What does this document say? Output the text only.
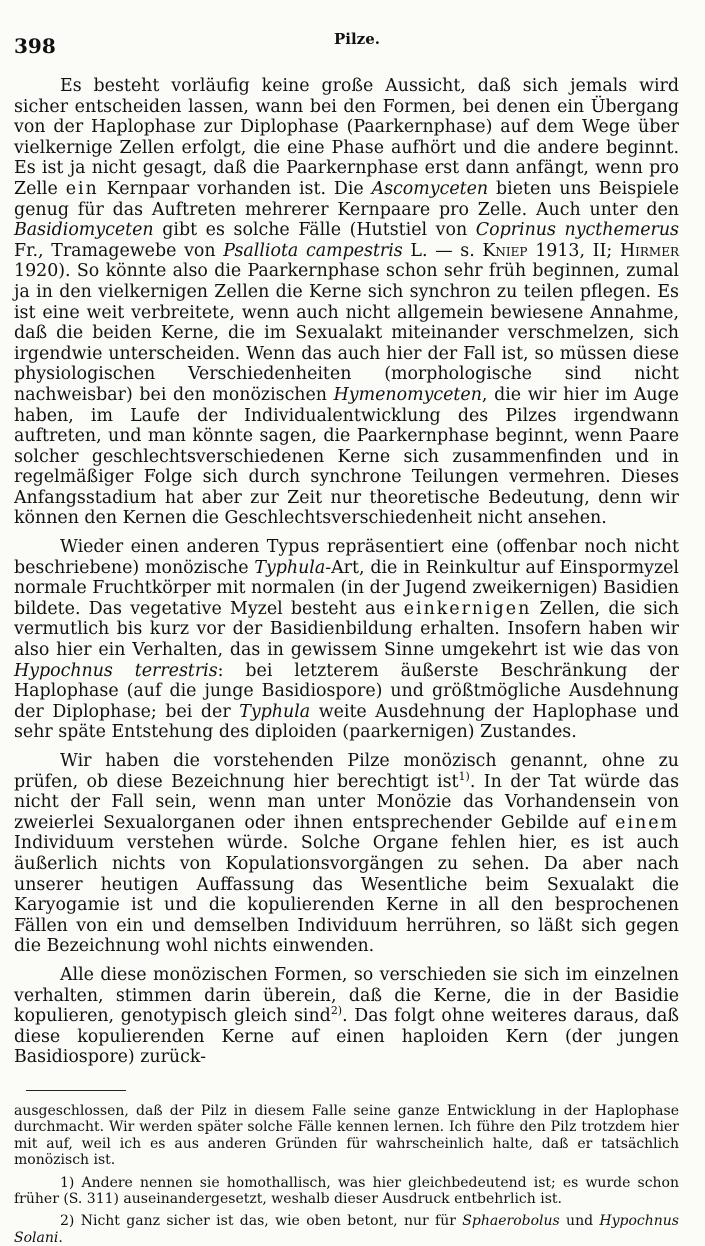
398	Pilze.

Es besteht vorläufig keine große Aussicht, daß sich jemals wird sicher entscheiden lassen, wann bei den Formen, bei denen ein Übergang von der Haplophase zur Diplophase (Paarkernphase) auf dem Wege über vielkernige Zellen erfolgt, die eine Phase aufhört und die andere beginnt. Es ist ja nicht gesagt, daß die Paarkernphase erst dann anfängt, wenn pro Zelle ein Kernpaar vorhanden ist. Die Ascomyceten bieten uns Beispiele genug für das Auftreten mehrerer Kernpaare pro Zelle. Auch unter den Basidiomyceten gibt es solche Fälle (Hutstiel von Coprinus nycthemerus Fr., Tramagewebe von Psalliota campestris L. — s. Kniep 1913, II; Hirmer 1920). So könnte also die Paarkernphase schon sehr früh beginnen, zumal ja in den vielkernigen Zellen die Kerne sich synchron zu teilen pflegen. Es ist eine weit verbreitete, wenn auch nicht allgemein bewiesene Annahme, daß die beiden Kerne, die im Sexualakt miteinander verschmelzen, sich irgendwie unterscheiden. Wenn das auch hier der Fall ist, so müssen diese physiologischen Verschiedenheiten (morphologische sind nicht nachweisbar) bei den monözischen Hymenomyceten, die wir hier im Auge haben, im Laufe der Individualentwicklung des Pilzes irgendwann auftreten, und man könnte sagen, die Paarkernphase beginnt, wenn Paare solcher geschlechtsverschiedenen Kerne sich zusammenfinden und in regelmäßiger Folge sich durch synchrone Teilungen vermehren. Dieses Anfangsstadium hat aber zur Zeit nur theoretische Bedeutung, denn wir können den Kernen die Geschlechtsverschiedenheit nicht ansehen.

Wieder einen anderen Typus repräsentiert eine (offenbar noch nicht beschriebene) monözische Typhula-Art, die in Reinkultur auf Einspormyzel normale Fruchtkörper mit normalen (in der Jugend zweikernigen) Basidien bildete. Das vegetative Myzel besteht aus einkernigen Zellen, die sich vermutlich bis kurz vor der Basidienbildung erhalten. Insofern haben wir also hier ein Verhalten, das in gewissem Sinne umgekehrt ist wie das von Hypochnus terrestris: bei letzterem äußerste Beschränkung der Haplophase (auf die junge Basidiospore) und größtmögliche Ausdehnung der Diplophase; bei der Typhula weite Ausdehnung der Haplophase und sehr späte Entstehung des diploiden (paarkernigen) Zustandes.

Wir haben die vorstehenden Pilze monözisch genannt, ohne zu prüfen, ob diese Bezeichnung hier berechtigt ist$^{1)}$. In der Tat würde das nicht der Fall sein, wenn man unter Monözie das Vorhandensein von zweierlei Sexualorganen oder ihnen entsprechender Gebilde auf einem Individuum verstehen würde. Solche Organe fehlen hier, es ist auch äußerlich nichts von Kopulationsvorgängen zu sehen. Da aber nach unserer heutigen Auffassung das Wesentliche beim Sexualakt die Karyogamie ist und die kopulierenden Kerne in all den besprochenen Fällen von ein und demselben Individuum herrühren, so läßt sich gegen die Bezeichnung wohl nichts einwenden.

Alle diese monözischen Formen, so verschieden sie sich im einzelnen verhalten, stimmen darin überein, daß die Kerne, die in der Basidie kopulieren, genotypisch gleich sind$^{2)}$. Das folgt ohne weiteres daraus, daß diese kopulierenden Kerne auf einen haploiden Kern (der jungen Basidiospore) zurück-

ausgeschlossen, daß der Pilz in diesem Falle seine ganze Entwicklung in der Haplophase durchmacht. Wir werden später solche Fälle kennen lernen. Ich führe den Pilz trotzdem hier mit auf, weil ich es aus anderen Gründen für wahrscheinlich halte, daß er tatsächlich monözisch ist.

1) Andere nennen sie homothallisch, was hier gleichbedeutend ist; es wurde schon früher (S. 311) auseinandergesetzt, weshalb dieser Ausdruck entbehrlich ist.

2) Nicht ganz sicher ist das, wie oben betont, nur für Sphaerobolus und Hypochnus Solani.
